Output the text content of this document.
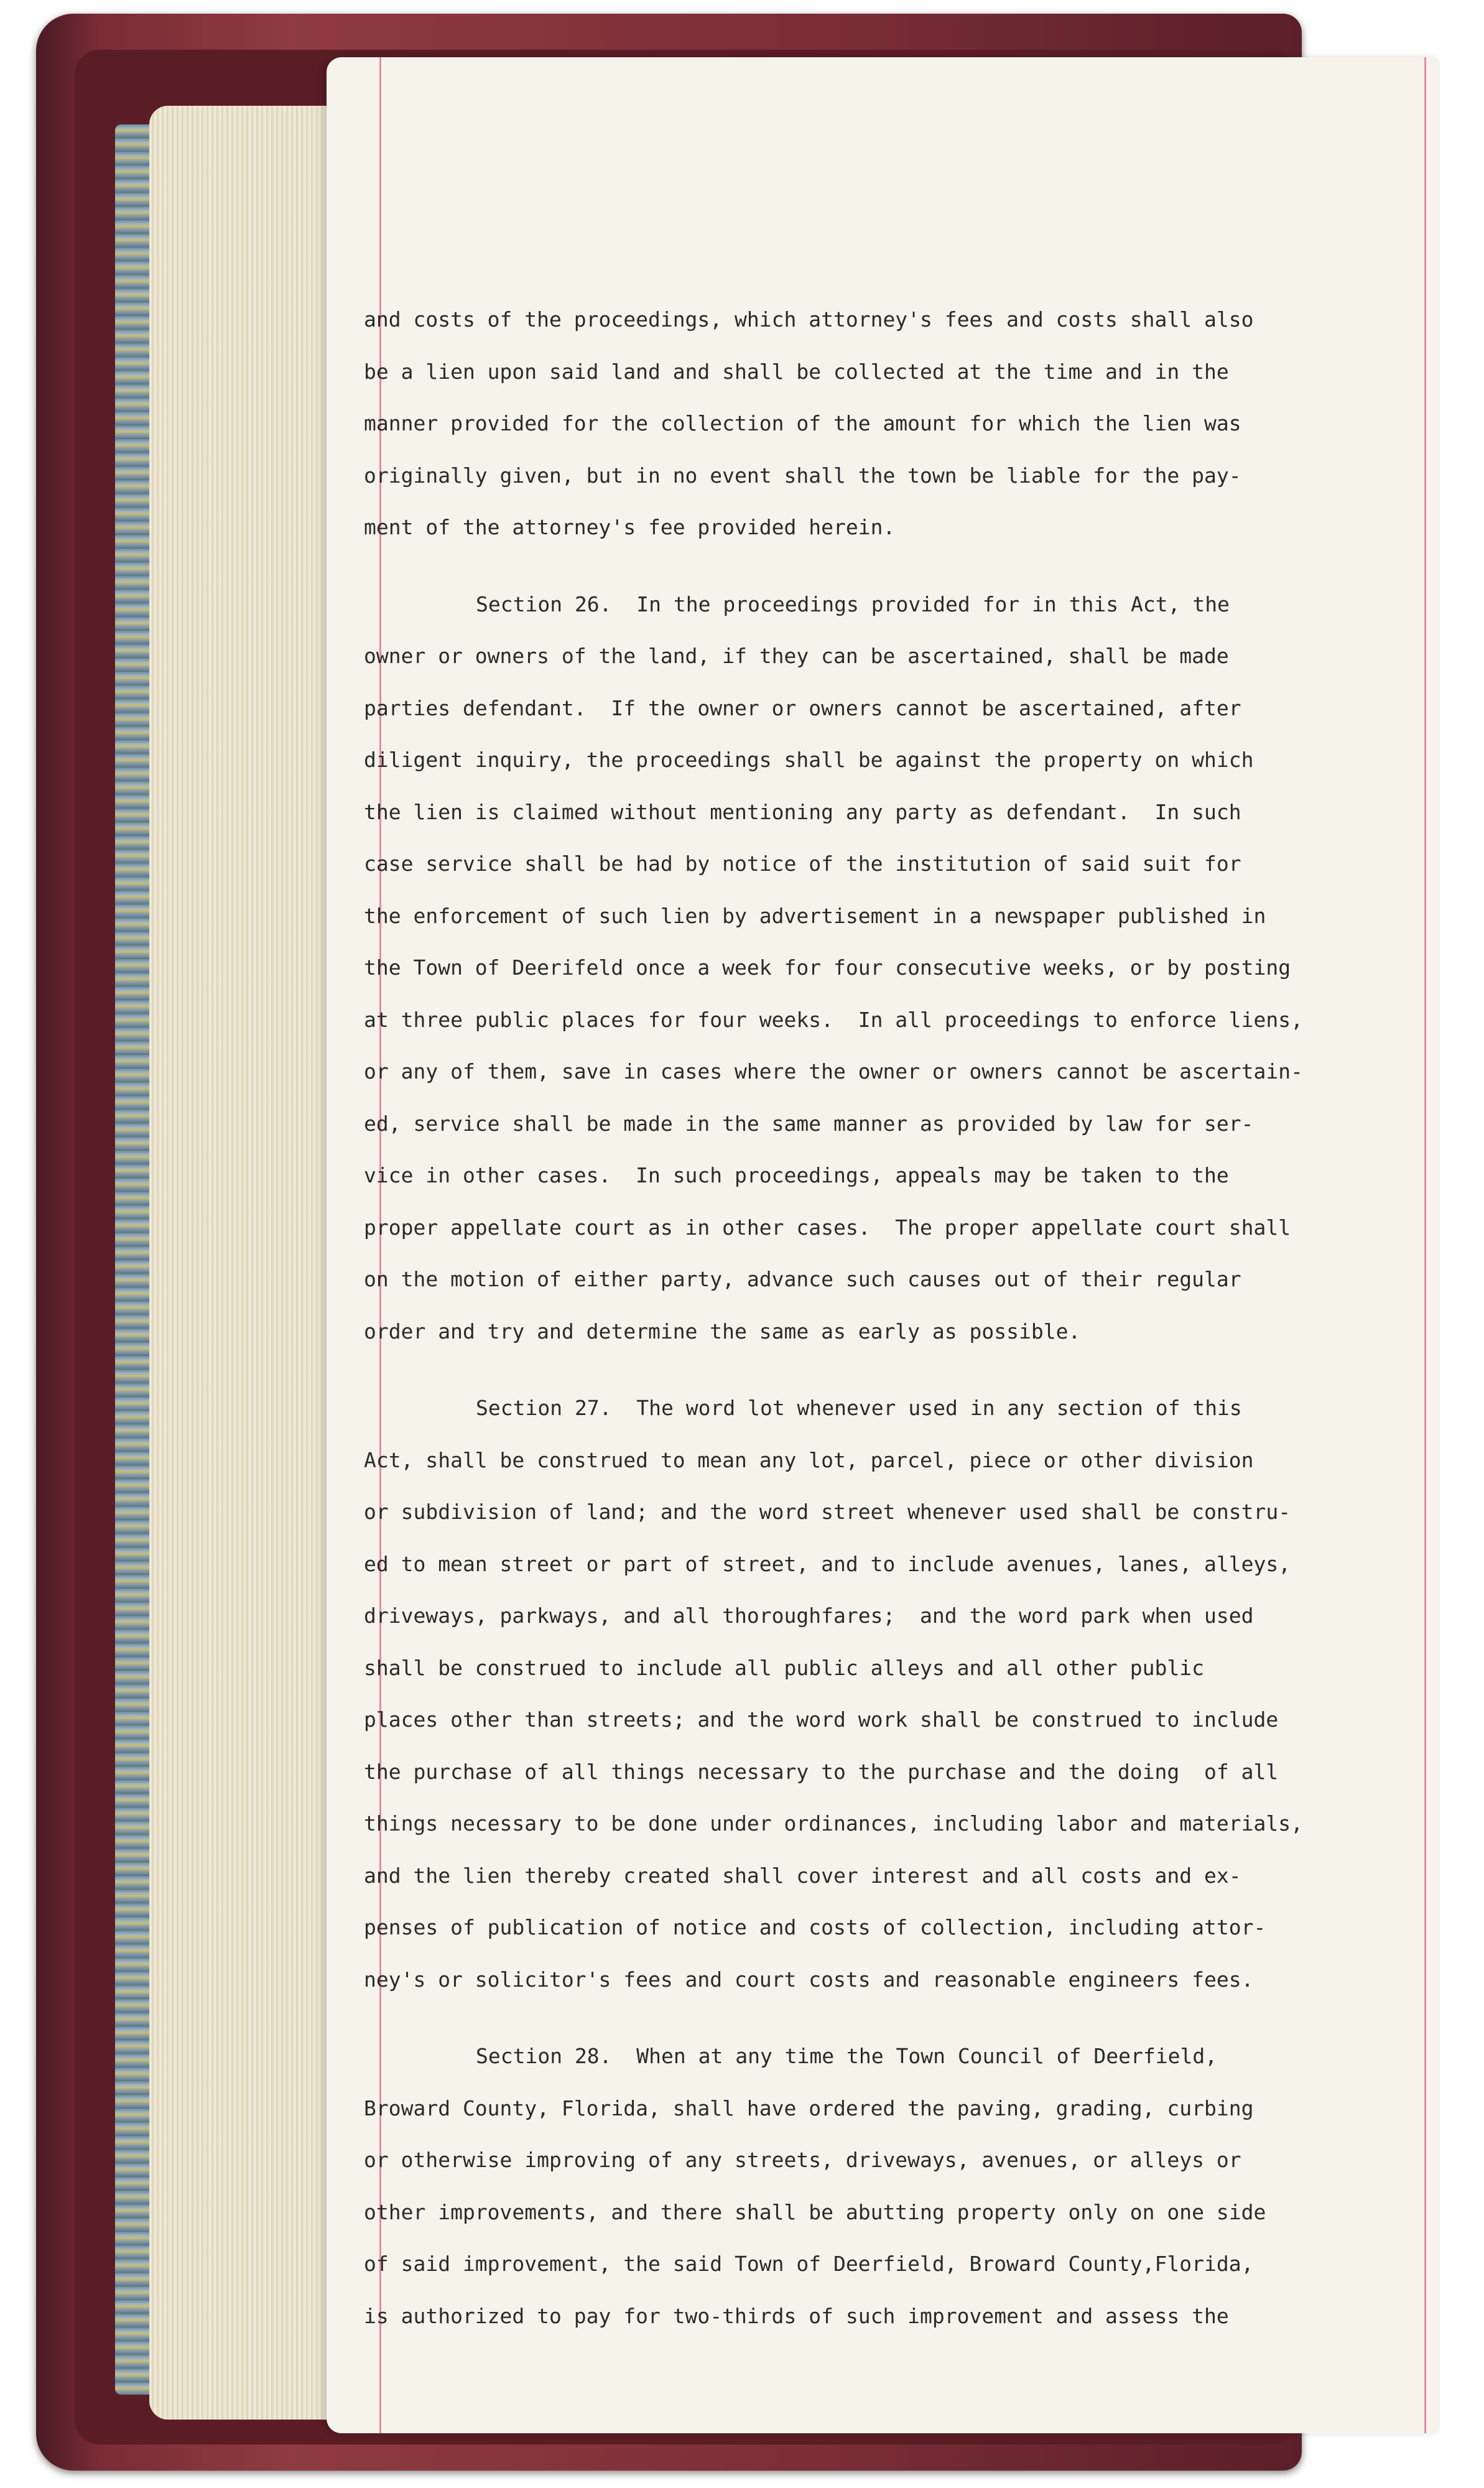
and costs of the proceedings, which attorney's fees and costs shall also
be a lien upon said land and shall be collected at the time and in the
manner provided for the collection of the amount for which the lien was
originally given, but in no event shall the town be liable for the pay-
ment of the attorney's fee provided herein.
Section 26.  In the proceedings provided for in this Act, the
owner or owners of the land, if they can be ascertained, shall be made
parties defendant.  If the owner or owners cannot be ascertained, after
diligent inquiry, the proceedings shall be against the property on which
the lien is claimed without mentioning any party as defendant.  In such
case service shall be had by notice of the institution of said suit for
the enforcement of such lien by advertisement in a newspaper published in
the Town of Deerifeld once a week for four consecutive weeks, or by posting
at three public places for four weeks.  In all proceedings to enforce liens,
or any of them, save in cases where the owner or owners cannot be ascertain-
ed, service shall be made in the same manner as provided by law for ser-
vice in other cases.  In such proceedings, appeals may be taken to the
proper appellate court as in other cases.  The proper appellate court shall
on the motion of either party, advance such causes out of their regular
order and try and determine the same as early as possible.
Section 27.  The word lot whenever used in any section of this
Act, shall be construed to mean any lot, parcel, piece or other division
or subdivision of land; and the word street whenever used shall be constru-
ed to mean street or part of street, and to include avenues, lanes, alleys,
driveways, parkways, and all thoroughfares;  and the word park when used
shall be construed to include all public alleys and all other public
places other than streets; and the word work shall be construed to include
the purchase of all things necessary to the purchase and the doing  of all
things necessary to be done under ordinances, including labor and materials,
and the lien thereby created shall cover interest and all costs and ex-
penses of publication of notice and costs of collection, including attor-
ney's or solicitor's fees and court costs and reasonable engineers fees.
Section 28.  When at any time the Town Council of Deerfield,
Broward County, Florida, shall have ordered the paving, grading, curbing
or otherwise improving of any streets, driveways, avenues, or alleys or
other improvements, and there shall be abutting property only on one side
of said improvement, the said Town of Deerfield, Broward County,Florida,
is authorized to pay for two-thirds of such improvement and assess the
